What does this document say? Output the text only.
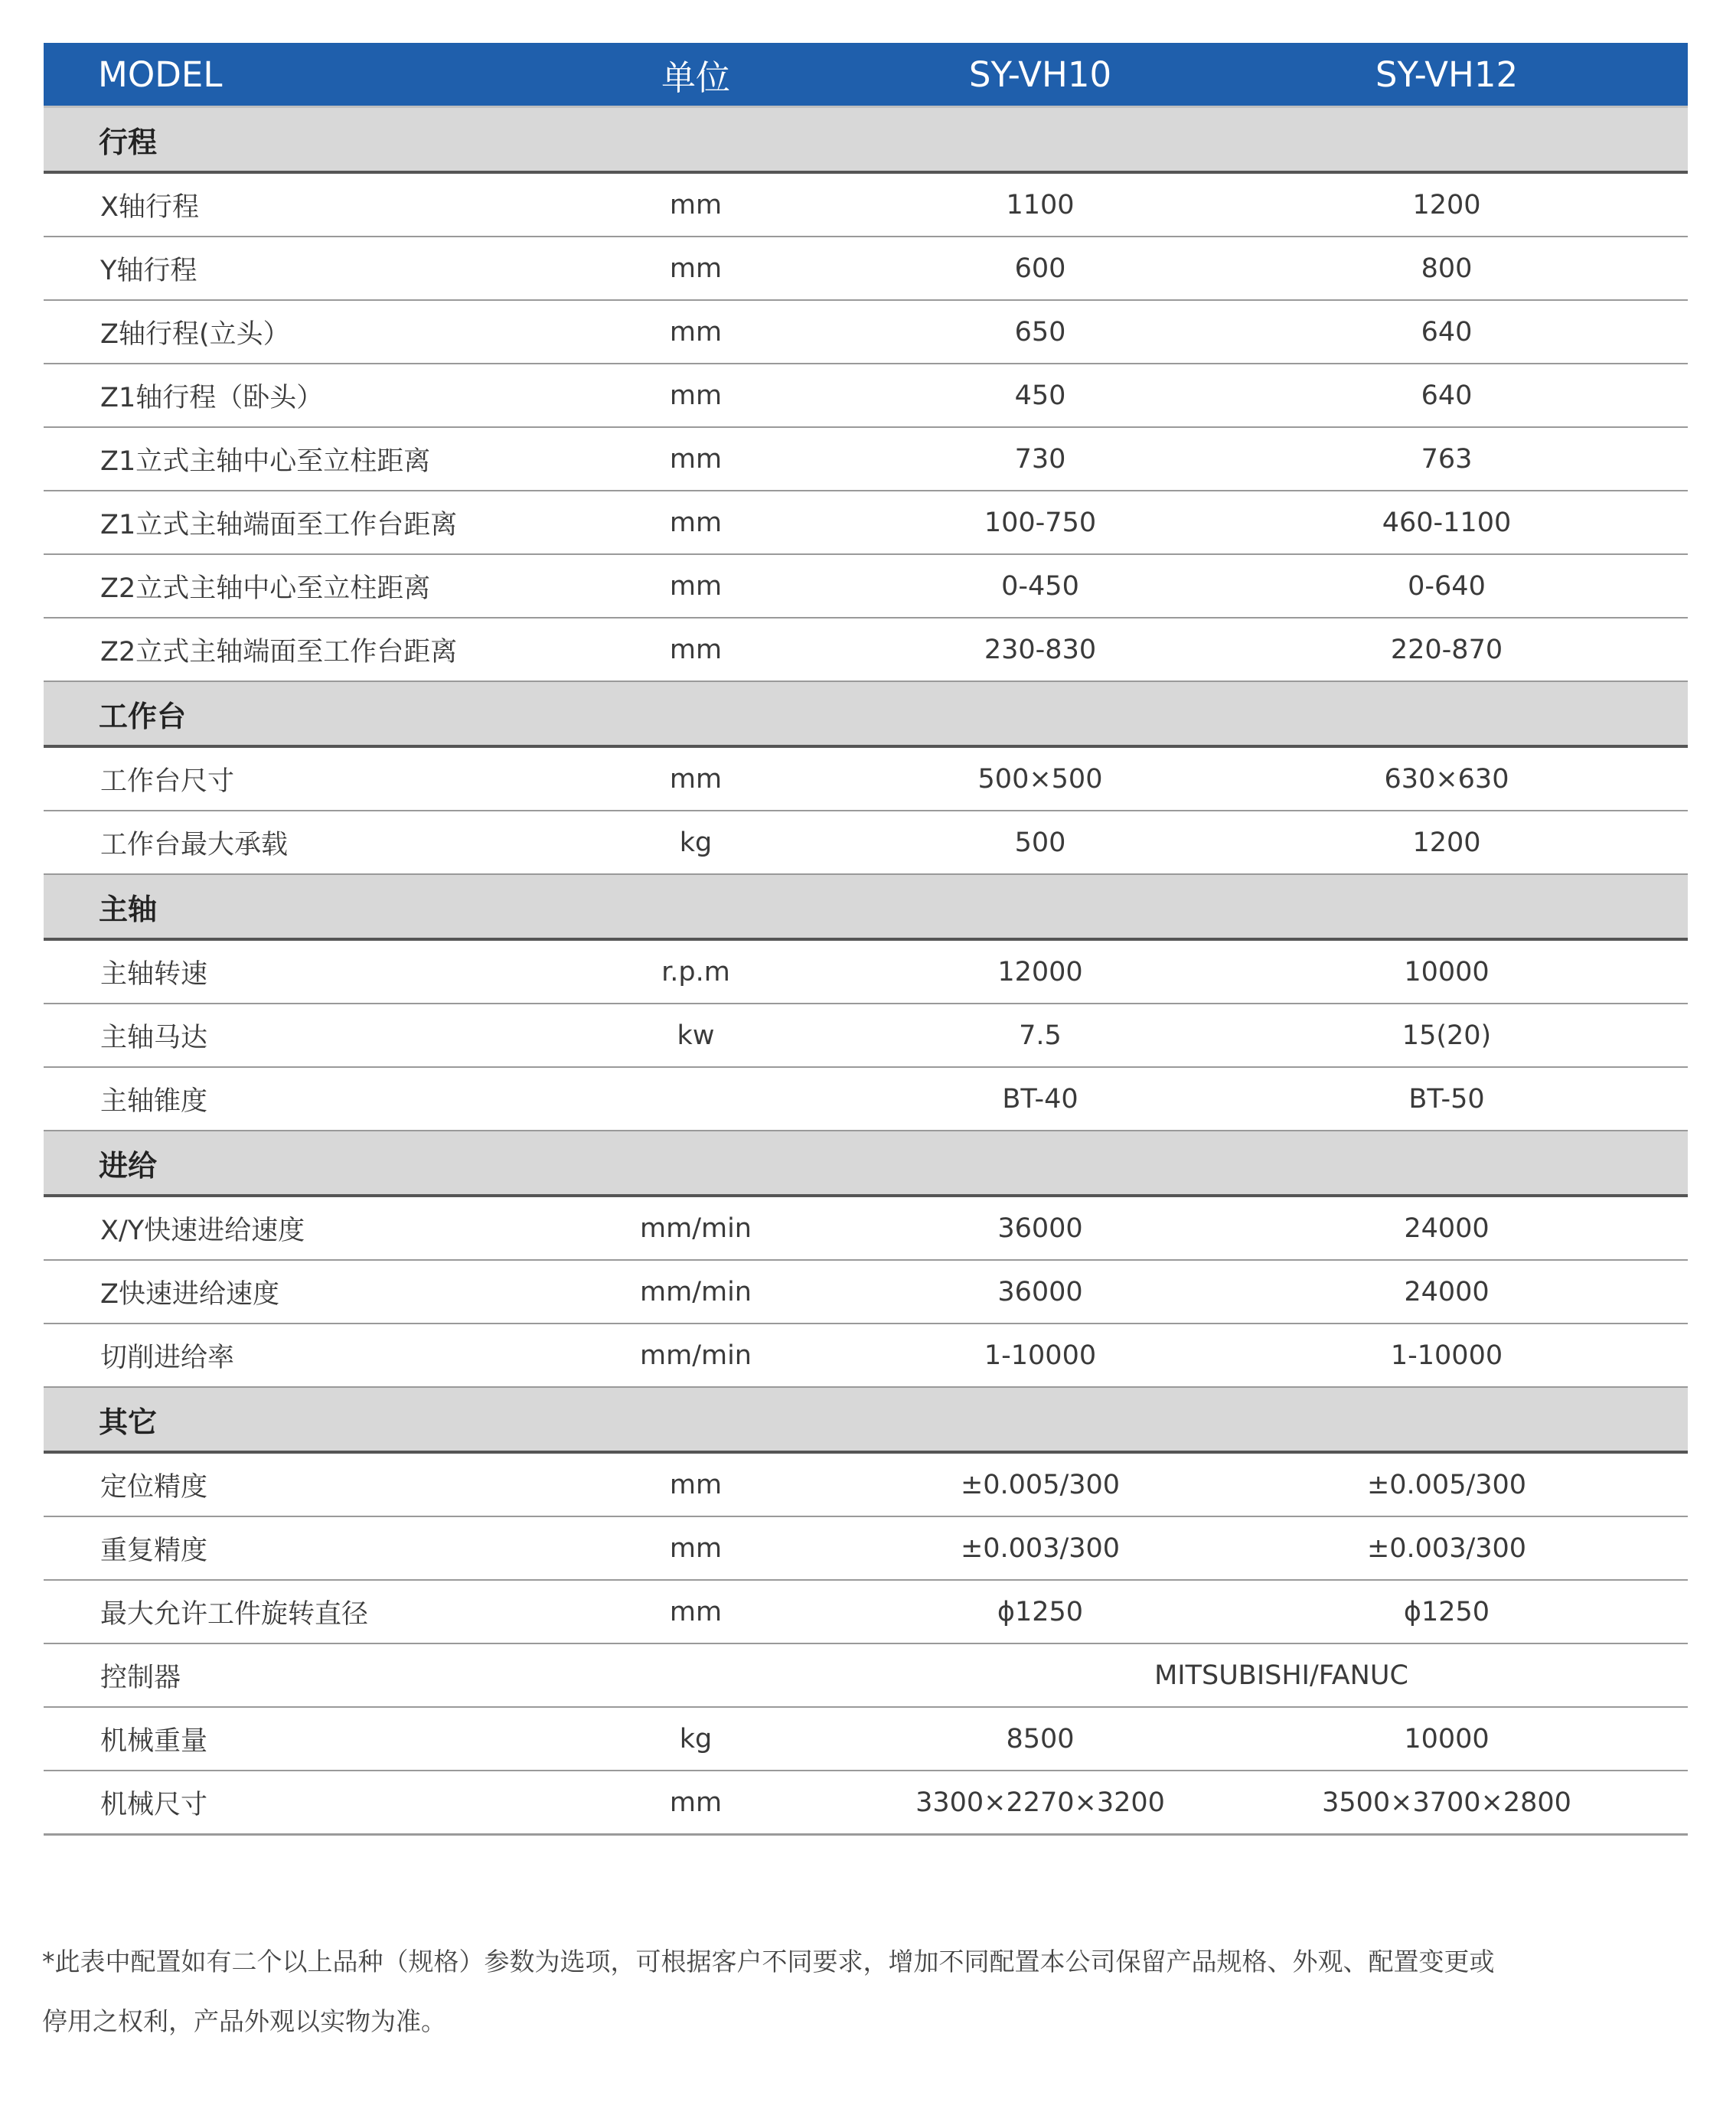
MODEL	单位	SY-VH10	SY-VH12
行程			
X轴行程	mm	1100	1200
Y轴行程	mm	600	800
Z轴行程(立头）	mm	650	640
Z1轴行程（卧头）	mm	450	640
Z1立式主轴中心至立柱距离	mm	730	763
Z1立式主轴端面至工作台距离	mm	100-750	460-1100
Z2立式主轴中心至立柱距离	mm	0-450	0-640
Z2立式主轴端面至工作台距离	mm	230-830	220-870
工作台			
工作台尺寸	mm	500×500	630×630
工作台最大承载	kg	500	1200
主轴			
主轴转速	r.p.m	12000	10000
主轴马达	kw	7.5	15(20)
主轴锥度		BT-40	BT-50
进给			
X/Y快速进给速度	mm/min	36000	24000
Z快速进给速度	mm/min	36000	24000
切削进给率	mm/min	1-10000	1-10000
其它			
定位精度	mm	±0.005/300	±0.005/300
重复精度	mm	±0.003/300	±0.003/300
最大允许工件旋转直径	mm	ϕ1250	ϕ1250
控制器		MITSUBISHI/FANUC	
机械重量	kg	8500	10000
机械尺寸	mm	3300×2270×3200	3500×3700×2800

*此表中配置如有二个以上品种（规格）参数为选项，可根据客户不同要求，增加不同配置本公司保留产品规格、外观、配置变更或

停用之权利，产品外观以实物为准。
